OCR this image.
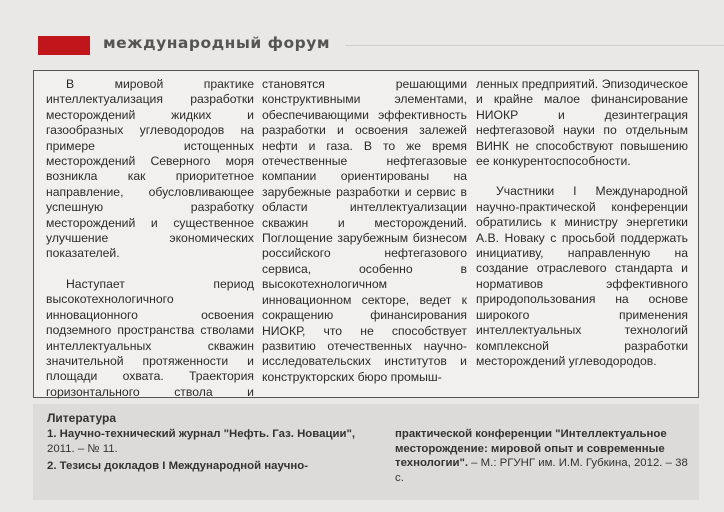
международный форум

В мировой практике интеллектуализация разработки месторождений жидких и газообразных углеводородов на примере истощенных месторождений Северного моря возникла как приоритетное направление, обусловливающее успешную разработку месторождений и существенное улучшение экономических показателей.

Наступает период высокотехнологичного инновационного освоения подземного пространства стволами интеллектуальных скважин значительной протяженности и площади охвата. Траектория горизонтального ствола и

становятся решающими конструктивными элементами, обеспечивающими эффективность разработки и освоения залежей нефти и газа. В то же время отечественные нефтегазовые компании ориентированы на зарубежные разработки и сервис в области интеллектуализации скважин и месторождений. Поглощение зарубежным бизнесом российского нефтегазового сервиса, особенно в высокотехнологичном инновационном секторе, ведет к сокращению финансирования НИОКР, что не способствует развитию отечественных научно-исследовательских институтов и конструкторских бюро промыш-

ленных предприятий. Эпизодическое и крайне малое финансирование НИОКР и дезинтеграция нефтегазовой науки по отдельным ВИНК не способствуют повышению ее конкурентоспособности.

Участники I Международной научно-практической конференции обратились к министру энергетики А.В. Новаку с просьбой поддержать инициативу, направленную на создание отраслевого стандарта и нормативов эффективного природопользования на основе широкого применения интеллектуальных технологий комплексной разработки месторождений углеводородов.

Литература
1. Научно-технический журнал "Нефть. Газ. Новации",
2011. – № 11.
2. Тезисы докладов I Международной научно-
практической конференции "Интеллектуальное месторождение: мировой опыт и современные технологии". – М.: РГУНГ им. И.М. Губкина, 2012. – 38 с.
